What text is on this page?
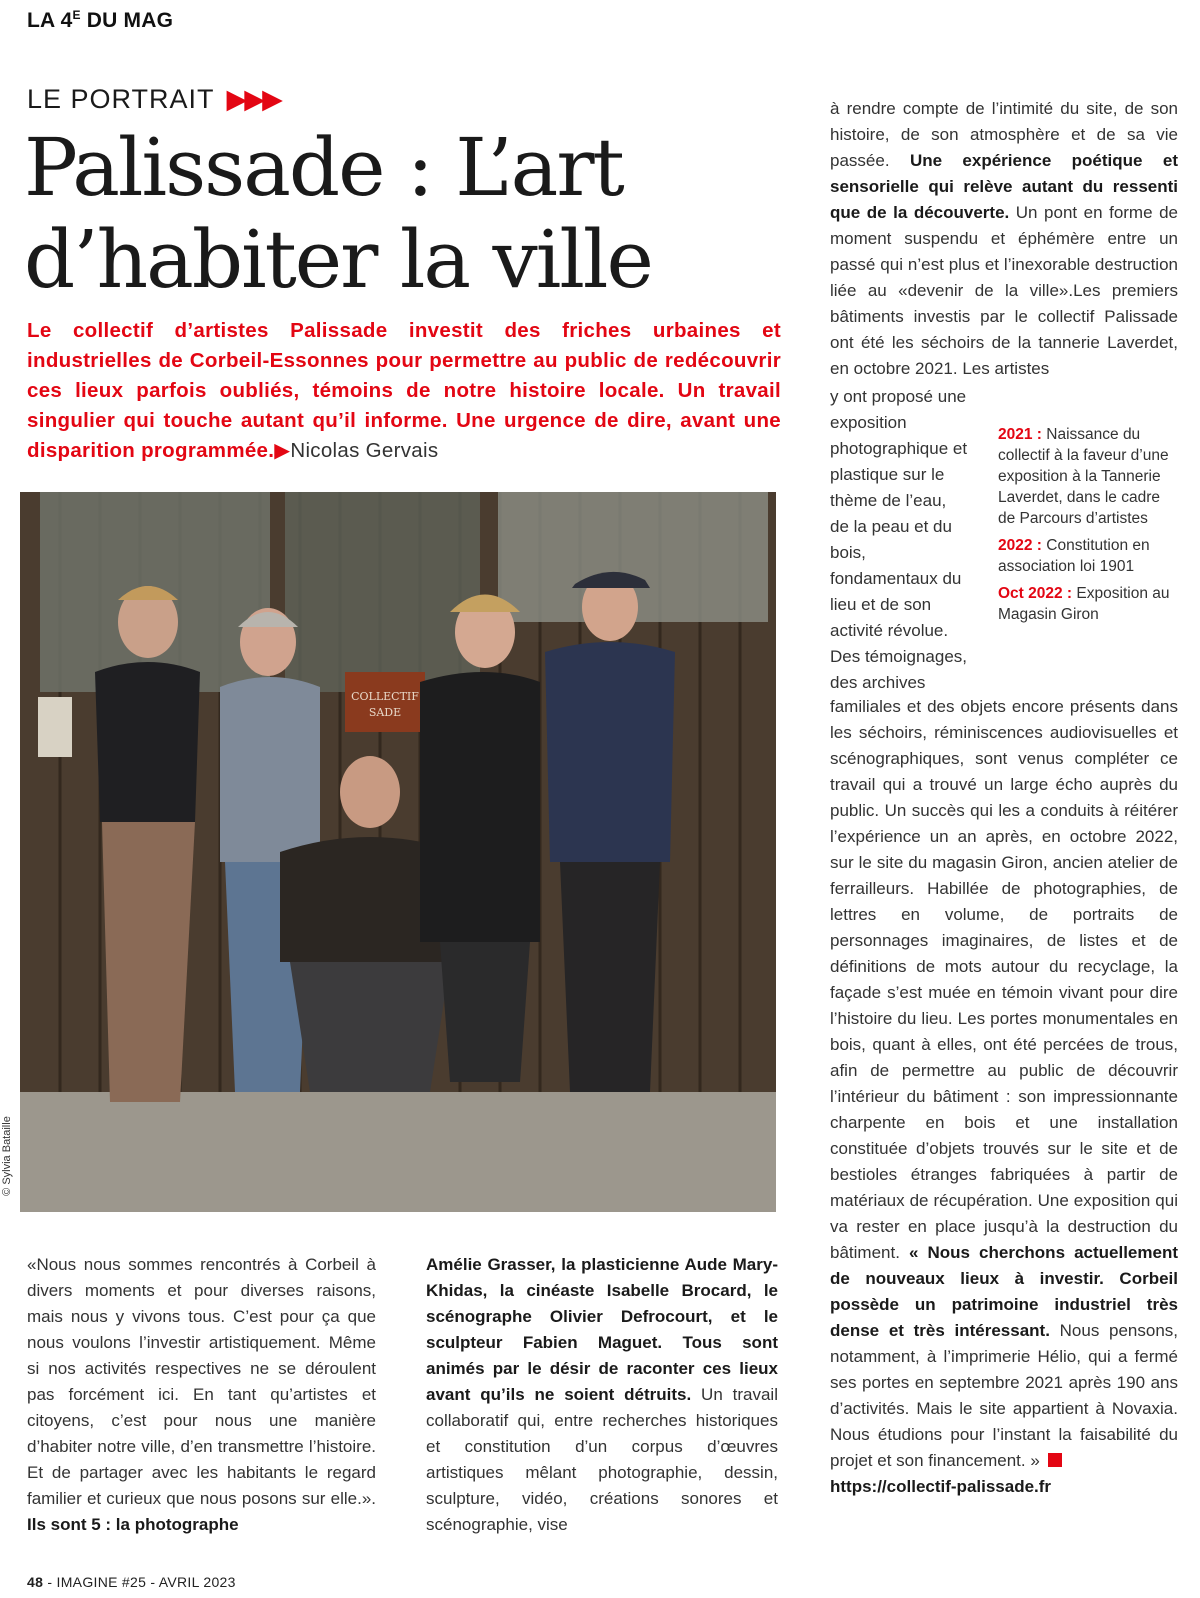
LA $4^E$ DU MAG
LE PORTRAIT ▶▶▶
Palissade : L’art
d’habiter la ville

Le collectif d’artistes Palissade investit des friches urbaines et industrielles de Corbeil-Essonnes pour permettre au public de redécouvrir ces lieux parfois oubliés, témoins de notre histoire locale. Un travail singulier qui touche autant qu’il informe. Une urgence de dire, avant une disparition programmée.▶Nicolas Gervais

COLLECTIF
SADE
© Sylvia Bataille

«Nous nous sommes rencontrés à Corbeil à divers moments et pour diverses raisons, mais nous y vivons tous. C’est pour ça que nous voulons l’investir artistiquement. Même si nos activités respectives ne se déroulent pas forcément ici. En tant qu’artistes et citoyens, c’est pour nous une manière d’habiter notre ville, d’en transmettre l’histoire. Et de partager avec les habitants le regard familier et curieux que nous posons sur elle.». Ils sont 5 : la photographe

Amélie Grasser, la plasticienne Aude Mary-Khidas, la cinéaste Isabelle Brocard, le scénographe Olivier Defrocourt, et le sculpteur Fabien Maguet. Tous sont animés par le désir de raconter ces lieux avant qu’ils ne soient détruits. Un travail collaboratif qui, entre recherches historiques et constitution d’un corpus d’œuvres artistiques mêlant photographie, dessin, sculpture, vidéo, créations sonores et scénographie, vise

à rendre compte de l’intimité du site, de son histoire, de son atmosphère et de sa vie passée. Une expérience poétique et sensorielle qui relève autant du ressenti que de la découverte. Un pont en forme de moment suspendu et éphémère entre un passé qui n’est plus et l’inexorable destruction liée au «devenir de la ville».Les premiers bâtiments investis par le collectif Palissade ont été les séchoirs de la tannerie Laverdet, en octobre 2021. Les artistes

y ont proposé une exposition photographique et plastique sur le thème de l’eau, de la peau et du bois, fondamentaux du lieu et de son activité révolue. Des témoignages, des archives

2021 : Naissance du collectif à la faveur d’une exposition à la Tannerie Laverdet, dans le cadre de Parcours d’artistes
2022 : Constitution en association loi 1901
Oct 2022 : Exposition au Magasin Giron

familiales et des objets encore présents dans les séchoirs, réminiscences audiovisuelles et scénographiques, sont venus compléter ce travail qui a trouvé un large écho auprès du public. Un succès qui les a conduits à réitérer l’expérience un an après, en octobre 2022, sur le site du magasin Giron, ancien atelier de ferrailleurs. Habillée de photographies, de lettres en volume, de portraits de personnages imaginaires, de listes et de définitions de mots autour du recyclage, la façade s’est muée en témoin vivant pour dire l’histoire du lieu. Les portes monumentales en bois, quant à elles, ont été percées de trous, afin de permettre au public de découvrir l’intérieur du bâtiment : son impressionnante charpente en bois et une installation constituée d’objets trouvés sur le site et de bestioles étranges fabriquées à partir de matériaux de récupération. Une exposition qui va rester en place jusqu’à la destruction du bâtiment. « Nous cherchons actuellement de nouveaux lieux à investir. Corbeil possède un patrimoine industriel très dense et très intéressant. Nous pensons, notamment, à l’imprimerie Hélio, qui a fermé ses portes en septembre 2021 après 190 ans d’activités. Mais le site appartient à Novaxia. Nous étudions pour l’instant la faisabilité du projet et son financement. »
https://collectif-palissade.fr

48 - IMAGINE #25 - AVRIL 2023
